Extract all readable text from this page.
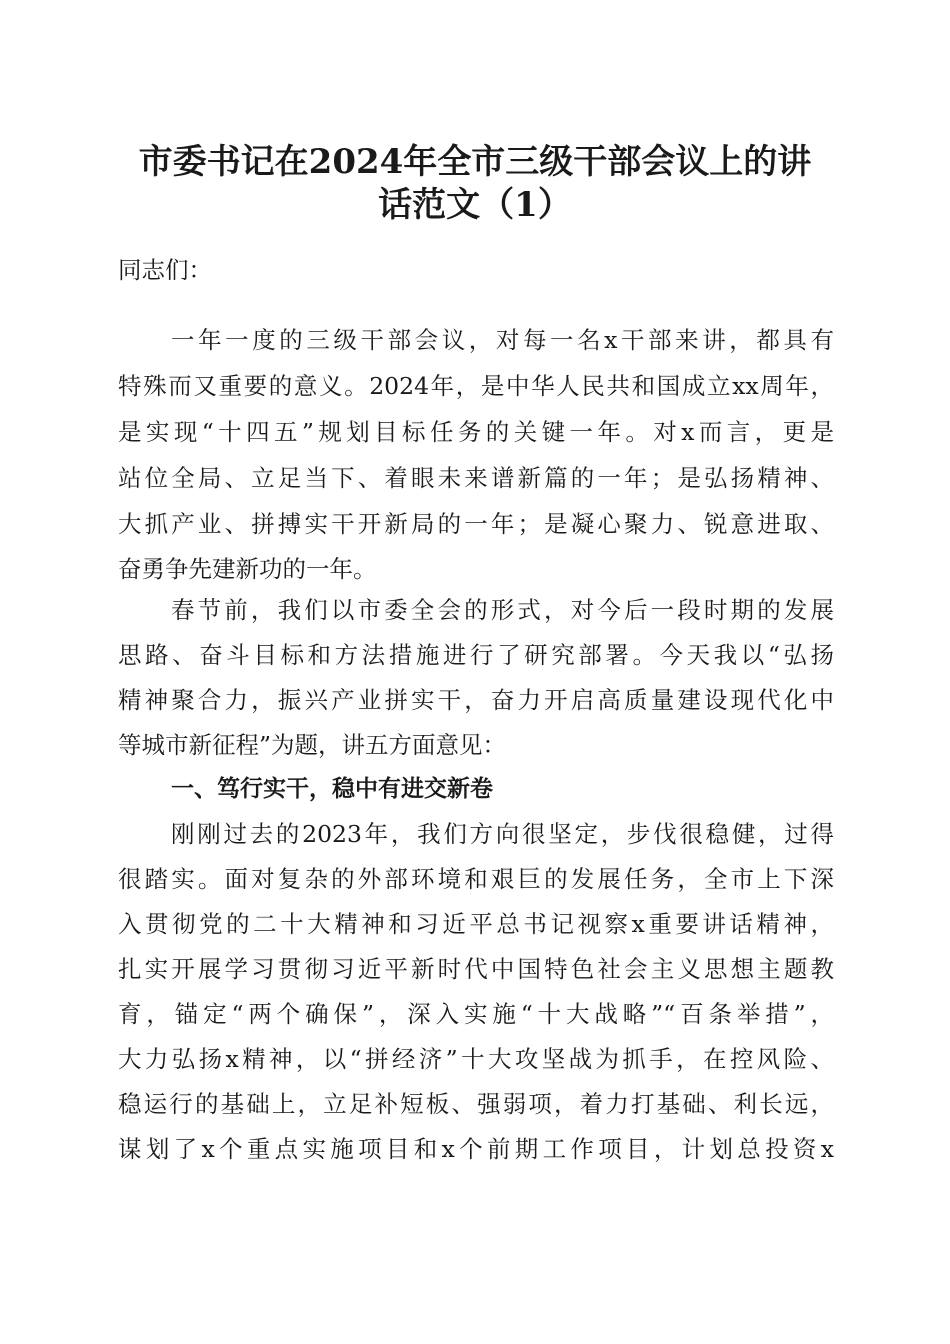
市委书记在2024年全市三级干部会议上的讲
话范文（1）
同志们：
一年一度的三级干部会议，对每一名x干部来讲，都具有
特殊而又重要的意义。2024年，是中华人民共和国成立xx周年，
是实现“十四五”规划目标任务的关键一年。对x而言，更是
站位全局、立足当下、着眼未来谱新篇的一年；是弘扬精神、
大抓产业、拼搏实干开新局的一年；是凝心聚力、锐意进取、
奋勇争先建新功的一年。
春节前，我们以市委全会的形式，对今后一段时期的发展
思路、奋斗目标和方法措施进行了研究部署。今天我以“弘扬
精神聚合力，振兴产业拼实干，奋力开启高质量建设现代化中
等城市新征程”为题，讲五方面意见：
一、笃行实干，稳中有进交新卷
刚刚过去的2023年，我们方向很坚定，步伐很稳健，过得
很踏实。面对复杂的外部环境和艰巨的发展任务，全市上下深
入贯彻党的二十大精神和习近平总书记视察x重要讲话精神，
扎实开展学习贯彻习近平新时代中国特色社会主义思想主题教
育，锚定“两个确保”，深入实施“十大战略”“百条举措”，
大力弘扬x精神，以“拼经济”十大攻坚战为抓手，在控风险、
稳运行的基础上，立足补短板、强弱项，着力打基础、利长远，
谋划了x个重点实施项目和x个前期工作项目，计划总投资x
